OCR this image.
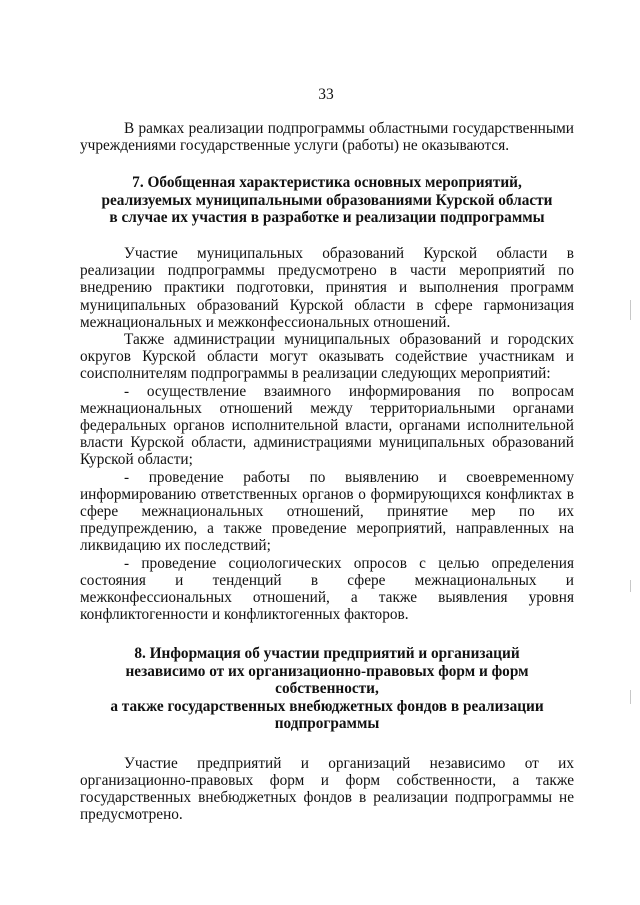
33

В рамках реализации подпрограммы областными государственными учреждениями государственные услуги (работы) не оказываются.

7. Обобщенная характеристика основных мероприятий,

реализуемых муниципальными образованиями Курской области

в случае их участия в разработке и реализации подпрограммы

Участие муниципальных образований Курской области в реализации подпрограммы предусмотрено в части мероприятий по внедрению практики подготовки, принятия и выполнения программ муниципальных образований Курской области в сфере гармонизация межнациональных и межконфессиональных отношений.

Также администрации муниципальных образований и городских округов Курской области могут оказывать содействие участникам и соисполнителям подпрограммы в реализации следующих мероприятий:

- осуществление взаимного информирования по вопросам межнациональных отношений между территориальными органами федеральных органов исполнительной власти, органами исполнительной власти Курской области, администрациями муниципальных образований Курской области;

- проведение работы по выявлению и своевременному информированию ответственных органов о формирующихся конфликтах в сфере межнациональных отношений, принятие мер по их предупреждению, а также проведение мероприятий, направленных на ликвидацию их последствий;

- проведение социологических опросов с целью определения состояния и тенденций в сфере межнациональных и межконфессиональных отношений, а также выявления уровня конфликтогенности и конфликтогенных факторов.

8. Информация об участии предприятий и организаций

независимо от их организационно-правовых форм и форм собственности,

а также государственных внебюджетных фондов в реализации

подпрограммы

Участие предприятий и организаций независимо от их организационно-правовых форм и форм собственности, а также государственных внебюджетных фондов в реализации подпрограммы не предусмотрено.
